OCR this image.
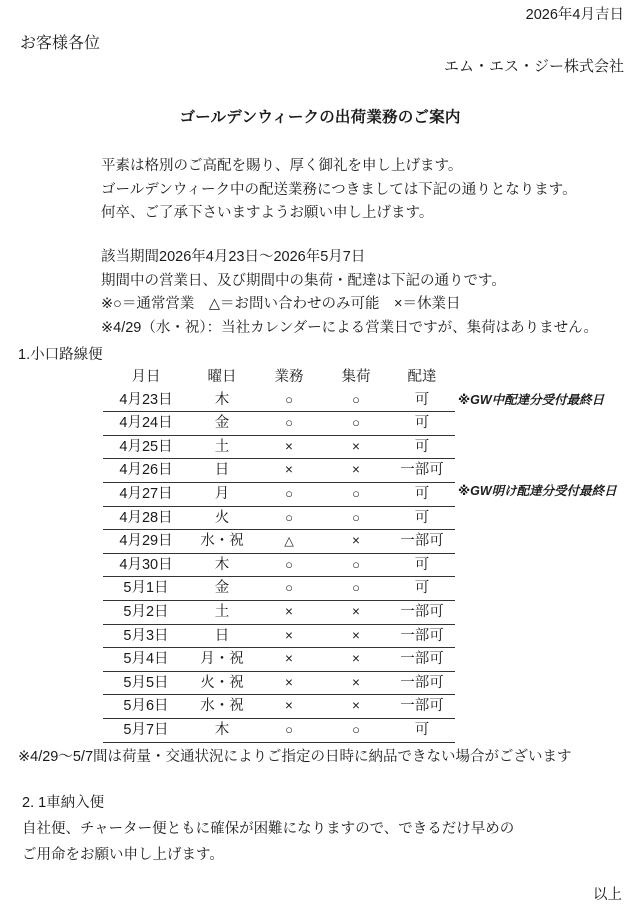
2026年4月吉日
お客様各位
エム・エス・ジー株式会社
ゴールデンウィークの出荷業務のご案内
平素は格別のご高配を賜り、厚く御礼を申し上げます。
ゴールデンウィーク中の配送業務につきましては下記の通りとなります。
何卒、ご了承下さいますようお願い申し上げます。
該当期間2026年4月23日〜2026年5月7日
期間中の営業日、及び期間中の集荷・配達は下記の通りです。
※○＝通常営業　△＝お問い合わせのみ可能　×＝休業日
※4/29（水・祝）：当社カレンダーによる営業日ですが、集荷はありません。
1.小口路線便
月日	曜日	業務	集荷	配達
4月23日	木	○	○	可
4月24日	金	○	○	可
4月25日	土	×	×	可
4月26日	日	×	×	一部可
4月27日	月	○	○	可
4月28日	火	○	○	可
4月29日	水・祝	△	×	一部可
4月30日	木	○	○	可
5月1日	金	○	○	可
5月2日	土	×	×	一部可
5月3日	日	×	×	一部可
5月4日	月・祝	×	×	一部可
5月5日	火・祝	×	×	一部可
5月6日	水・祝	×	×	一部可
5月7日	木	○	○	可
※GW中配達分受付最終日
※GW明け配達分受付最終日
※4/29〜5/7間は荷量・交通状況によりご指定の日時に納品できない場合がございます
2. 1車納入便
自社便、チャーター便ともに確保が困難になりますので、できるだけ早めの
ご用命をお願い申し上げます。
以上
